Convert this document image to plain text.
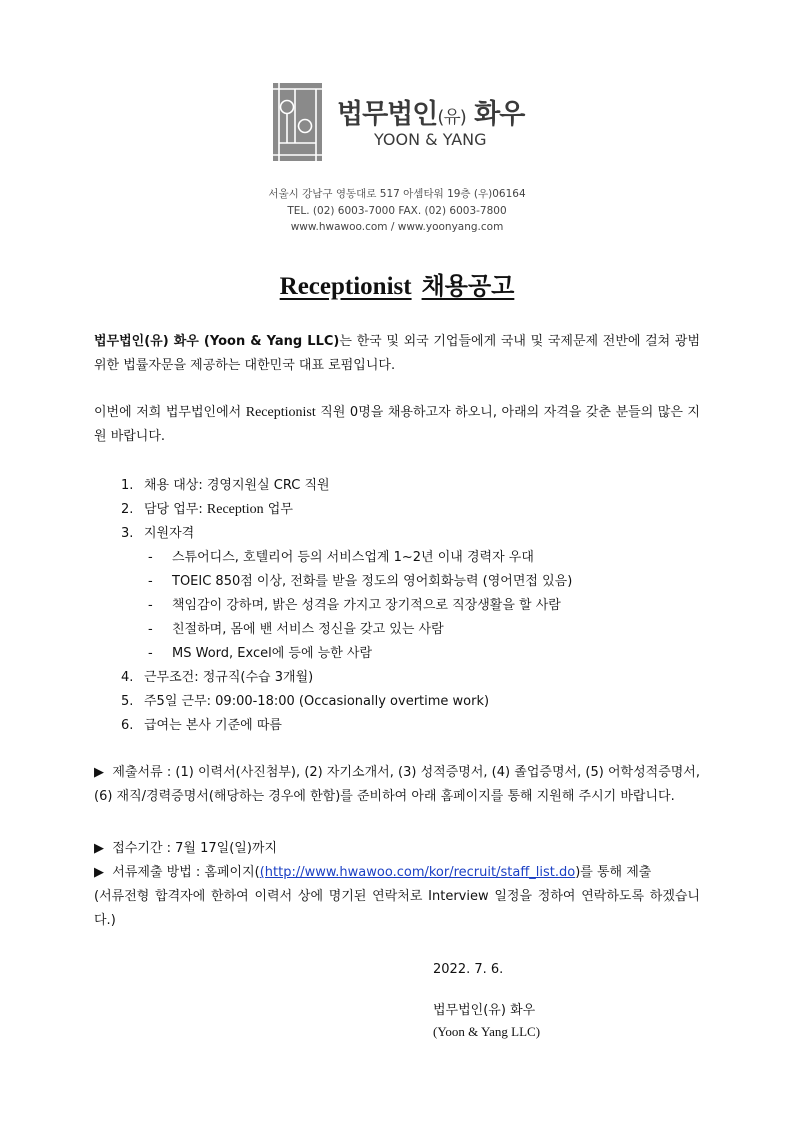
법무법인(유) 화우
YOON & YANG
서울시 강남구 영동대로 517 아셈타워 19층 (우)06164
TEL. (02) 6003-7000 FAX. (02) 6003-7800
www.hwawoo.com / www.yoonyang.com
Receptionist 채용공고
법무법인(유) 화우 (Yoon & Yang LLC)는 한국 및 외국 기업들에게 국내 및 국제문제 전반에 걸쳐 광범위한 법률자문을 제공하는 대한민국 대표 로펌입니다.
이번에 저희 법무법인에서 Receptionist 직원 0명을 채용하고자 하오니, 아래의 자격을 갖춘 분들의 많은 지원 바랍니다.
1. 채용 대상: 경영지원실 CRC 직원
2. 담당 업무: Reception 업무
3. 지원자격
- 스튜어디스, 호텔리어 등의 서비스업계 1~2년 이내 경력자 우대
- TOEIC 850점 이상, 전화를 받을 정도의 영어회화능력 (영어면접 있음)
- 책임감이 강하며, 밝은 성격을 가지고 장기적으로 직장생활을 할 사람
- 친절하며, 몸에 밴 서비스 정신을 갖고 있는 사람
- MS Word, Excel에 등에 능한 사람
4. 근무조건: 정규직(수습 3개월)
5. 주5일 근무: 09:00-18:00 (Occasionally overtime work)
6. 급여는 본사 기준에 따름
▶ 제출서류 : (1) 이력서(사진첨부), (2) 자기소개서, (3) 성적증명서, (4) 졸업증명서, (5) 어학성적증명서, (6) 재직/경력증명서(해당하는 경우에 한함)를 준비하여 아래 홈페이지를 통해 지원해 주시기 바랍니다.
▶ 접수기간 : 7월 17일(일)까지
▶ 서류제출 방법 : 홈페이지((http://www.hwawoo.com/kor/recruit/staff_list.do)를 통해 제출
(서류전형 합격자에 한하여 이력서 상에 명기된 연락처로 Interview 일정을 정하여 연락하도록 하겠습니다.)
2022. 7. 6.
법무법인(유) 화우
(Yoon & Yang LLC)
